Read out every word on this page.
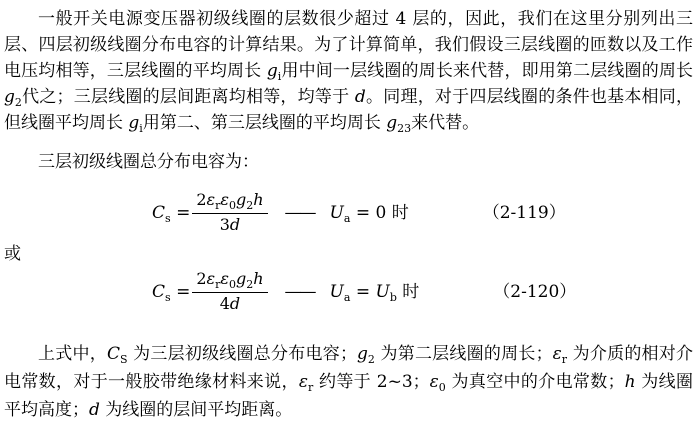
一般开关电源变压器初级线圈的层数很少超过 4 层的，因此，我们在这里分别列出三层、四层初级线圈分布电容的计算结果。为了计算简单，我们假设三层线圈的匝数以及工作电压均相等，三层线圈的平均周长 $g_i$用中间一层线圈的周长来代替，即用第二层线圈的周长 $g_2$代之；三层线圈的层间距离均相等，均等于 d。同理，对于四层线圈的条件也基本相同，但线圈平均周长 $g_i$用第二、第三层线圈的平均周长 $g_{23}$来代替。

三层初级线圈总分布电容为：

$C_s = \frac{2\varepsilon_r\varepsilon_0g_2h}{3d}$ —— $U_a = 0$ 时	（2-119）

或

$C_s = \frac{2\varepsilon_r\varepsilon_0g_2h}{4d}$ —— $U_a = U_b$ 时	（2-120）

上式中，$C_S$ 为三层初级线圈总分布电容；$g_2$ 为第二层线圈的周长；$\varepsilon_r$ 为介质的相对介电常数，对于一般胶带绝缘材料来说，$\varepsilon_r$ 约等于 2~3；$\varepsilon_0$ 为真空中的介电常数；h 为线圈平均高度；d 为线圈的层间平均距离。
